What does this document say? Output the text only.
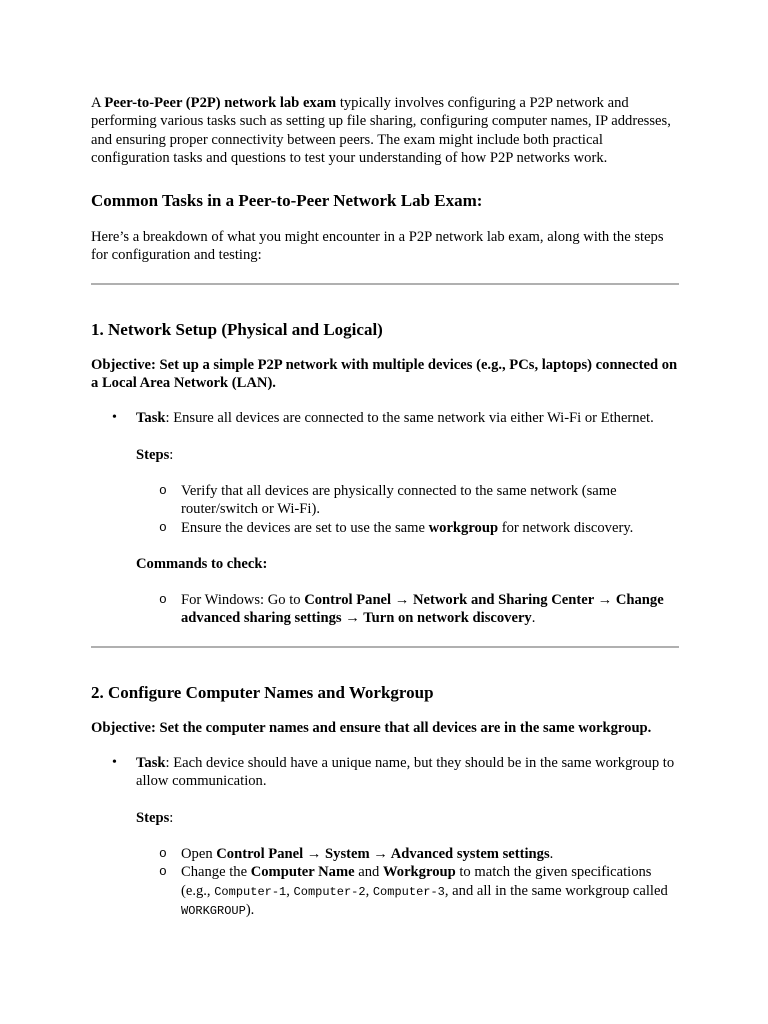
A Peer-to-Peer (P2P) network lab exam typically involves configuring a P2P network and performing various tasks such as setting up file sharing, configuring computer names, IP addresses, and ensuring proper connectivity between peers. The exam might include both practical configuration tasks and questions to test your understanding of how P2P networks work.

Common Tasks in a Peer-to-Peer Network Lab Exam:

Here’s a breakdown of what you might encounter in a P2P network lab exam, along with the steps for configuration and testing:

1. Network Setup (Physical and Logical)

Objective: Set up a simple P2P network with multiple devices (e.g., PCs, laptops) connected on a Local Area Network (LAN).

• Task: Ensure all devices are connected to the same network via either Wi-Fi or Ethernet.

Steps:

o Verify that all devices are physically connected to the same network (same router/switch or Wi-Fi).

o Ensure the devices are set to use the same workgroup for network discovery.

Commands to check:

o For Windows: Go to Control Panel → Network and Sharing Center → Change advanced sharing settings → Turn on network discovery.

2. Configure Computer Names and Workgroup

Objective: Set the computer names and ensure that all devices are in the same workgroup.

• Task: Each device should have a unique name, but they should be in the same workgroup to allow communication.

Steps:

o Open Control Panel → System → Advanced system settings.

o Change the Computer Name and Workgroup to match the given specifications (e.g., Computer-1, Computer-2, Computer-3, and all in the same workgroup called WORKGROUP).
